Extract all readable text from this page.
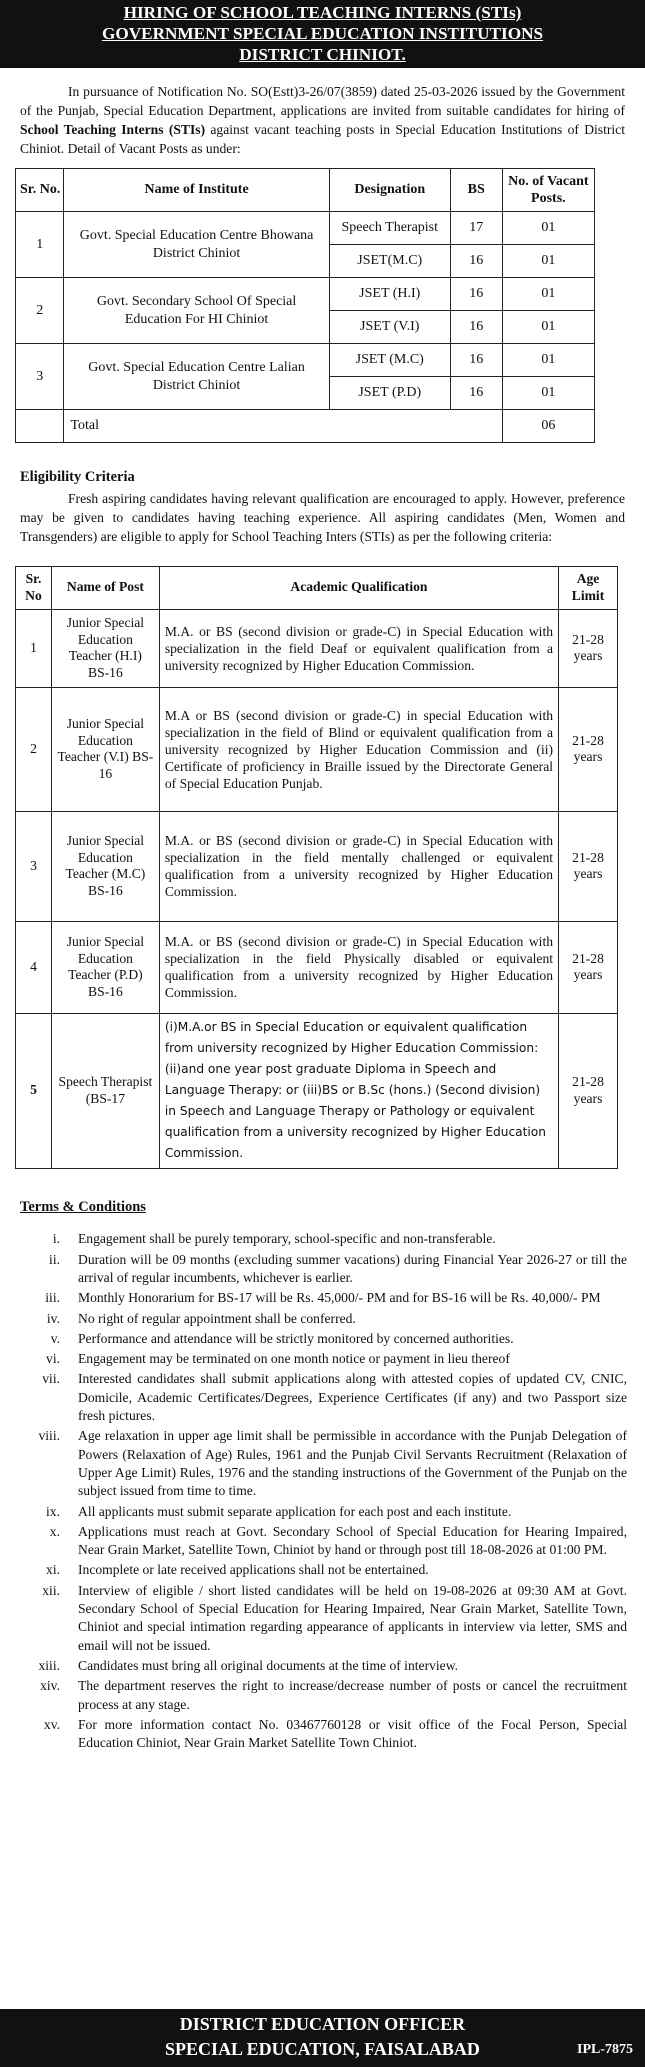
HIRING OF SCHOOL TEACHING INTERNS (STIs)
GOVERNMENT SPECIAL EDUCATION INSTITUTIONS
DISTRICT CHINIOT.

In pursuance of Notification No. SO(Estt)3-26/07(3859) dated 25-03-2026 issued by the Government of the Punjab, Special Education Department, applications are invited from suitable candidates for hiring of School Teaching Interns (STIs) against vacant teaching posts in Special Education Institutions of District Chiniot. Detail of Vacant Posts as under:

Sr. No.	Name of Institute	Designation	BS	No. of Vacant Posts.
1	Govt. Special Education Centre Bhowana District Chiniot	Speech Therapist	17	01
		JSET(M.C)	16	01
2	Govt. Secondary School Of Special Education For HI Chiniot	JSET (H.I)	16	01
		JSET (V.I)	16	01
3	Govt. Special Education Centre Lalian District Chiniot	JSET (M.C)	16	01
		JSET (P.D)	16	01
	Total			06
Eligibility Criteria

Fresh aspiring candidates having relevant qualification are encouraged to apply. However, preference may be given to candidates having teaching experience. All aspiring candidates (Men, Women and Transgenders) are eligible to apply for School Teaching Inters (STIs) as per the following criteria:

Sr. No	Name of Post	Academic Qualification	Age Limit
1	Junior Special Education Teacher (H.I) BS-16	M.A. or BS (second division or grade-C) in Special Education with specialization in the field Deaf or equivalent qualification from a university recognized by Higher Education Commission.	21-28 years
2	Junior Special Education Teacher (V.I) BS-16	M.A or BS (second division or grade-C) in special Education with specialization in the field of Blind or equivalent qualification from a university recognized by Higher Education Commission and (ii) Certificate of proficiency in Braille issued by the Directorate General of Special Education Punjab.	21-28 years
3	Junior Special Education Teacher (M.C) BS-16	M.A. or BS (second division or grade-C) in Special Education with specialization in the field mentally challenged or equivalent qualification from a university recognized by Higher Education Commission.	21-28 years
4	Junior Special Education Teacher (P.D) BS-16	M.A. or BS (second division or grade-C) in Special Education with specialization in the field Physically disabled or equivalent qualification from a university recognized by Higher Education Commission.	21-28 years
5	Speech Therapist (BS-17	(i)M.A.or BS in Special Education or equivalent qualification from university recognized by Higher Education Commission: (ii)and one year post graduate Diploma in Speech and Language Therapy: or (iii)BS or B.Sc (hons.) (Second division) in Speech and Language Therapy or Pathology or equivalent qualification from a university recognized by Higher Education Commission.	21-28 years
Terms & Conditions
i.	Engagement shall be purely temporary, school-specific and non-transferable.
ii.	Duration will be 09 months (excluding summer vacations) during Financial Year 2026-27 or till the arrival of regular incumbents, whichever is earlier.
iii.	Monthly Honorarium for BS-17 will be Rs. 45,000/- PM and for BS-16 will be Rs. 40,000/- PM
iv.	No right of regular appointment shall be conferred.
v.	Performance and attendance will be strictly monitored by concerned authorities.
vi.	Engagement may be terminated on one month notice or payment in lieu thereof
vii.	Interested candidates shall submit applications along with attested copies of updated CV, CNIC, Domicile, Academic Certificates/Degrees, Experience Certificates (if any) and two Passport size fresh pictures.
viii.	Age relaxation in upper age limit shall be permissible in accordance with the Punjab Delegation of Powers (Relaxation of Age) Rules, 1961 and the Punjab Civil Servants Recruitment (Relaxation of Upper Age Limit) Rules, 1976 and the standing instructions of the Government of the Punjab on the subject issued from time to time.
ix.	All applicants must submit separate application for each post and each institute.
x.	Applications must reach at Govt. Secondary School of Special Education for Hearing Impaired, Near Grain Market, Satellite Town, Chiniot by hand or through post till 18-08-2026 at 01:00 PM.
xi.	Incomplete or late received applications shall not be entertained.
xii.	Interview of eligible / short listed candidates will be held on 19-08-2026 at 09:30 AM at Govt. Secondary School of Special Education for Hearing Impaired, Near Grain Market, Satellite Town, Chiniot and special intimation regarding appearance of applicants in interview via letter, SMS and email will not be issued.
xiii.	Candidates must bring all original documents at the time of interview.
xiv.	The department reserves the right to increase/decrease number of posts or cancel the recruitment process at any stage.
xv.	For more information contact No. 03467760128 or visit office of the Focal Person, Special Education Chiniot, Near Grain Market Satellite Town Chiniot.
DISTRICT EDUCATION OFFICER
SPECIAL EDUCATION, FAISALABAD	IPL-7875
